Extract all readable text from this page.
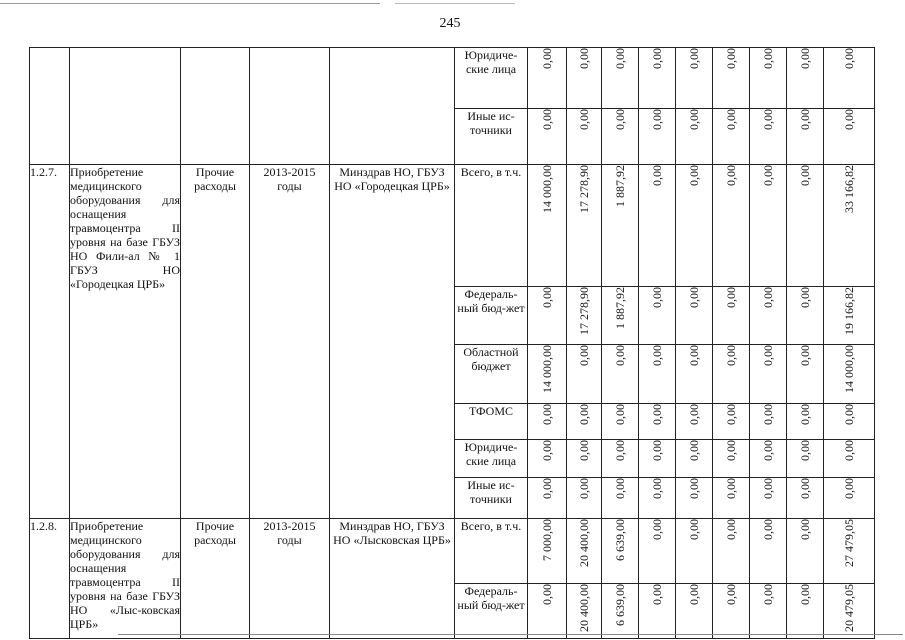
245
					Юридиче-ские лица	0,00	0,00	0,00	0,00	0,00	0,00	0,00	0,00	0,00
					Иные ис-точники	0,00	0,00	0,00	0,00	0,00	0,00	0,00	0,00	0,00
1.2.7.	Приобретение медицинского оборудования для оснащения травмоцентра II уровня на базе ГБУЗ НО Фили-ал № 1 ГБУЗ НО «Городецкая ЦРБ»	Прочие расходы	2013-2015 годы	Минздрав НО, ГБУЗ НО «Городецкая ЦРБ»	Всего, в т.ч.	14 000,00	17 278,90	1 887,92	0,00	0,00	0,00	0,00	0,00	33 166,82
					Федераль-ный бюд-жет	0,00	17 278,90	1 887,92	0,00	0,00	0,00	0,00	0,00	19 166,82
					Областной бюджет	14 000,00	0,00	0,00	0,00	0,00	0,00	0,00	0,00	14 000,00
					ТФОМС	0,00	0,00	0,00	0,00	0,00	0,00	0,00	0,00	0,00
					Юридиче-ские лица	0,00	0,00	0,00	0,00	0,00	0,00	0,00	0,00	0,00
					Иные ис-точники	0,00	0,00	0,00	0,00	0,00	0,00	0,00	0,00	0,00
1.2.8.	Приобретение медицинского оборудования для оснащения травмоцентра II уровня на базе ГБУЗ НО «Лыс-ковская ЦРБ»	Прочие расходы	2013-2015 годы	Минздрав НО, ГБУЗ НО «Лысковская ЦРБ»	Всего, в т.ч.	7 000,00	20 400,00	6 639,00	0,00	0,00	0,00	0,00	0,00	27 479,05
					Федераль-ный бюд-жет	0,00	20 400,00	6 639,00	0,00	0,00	0,00	0,00	0,00	20 479,05
